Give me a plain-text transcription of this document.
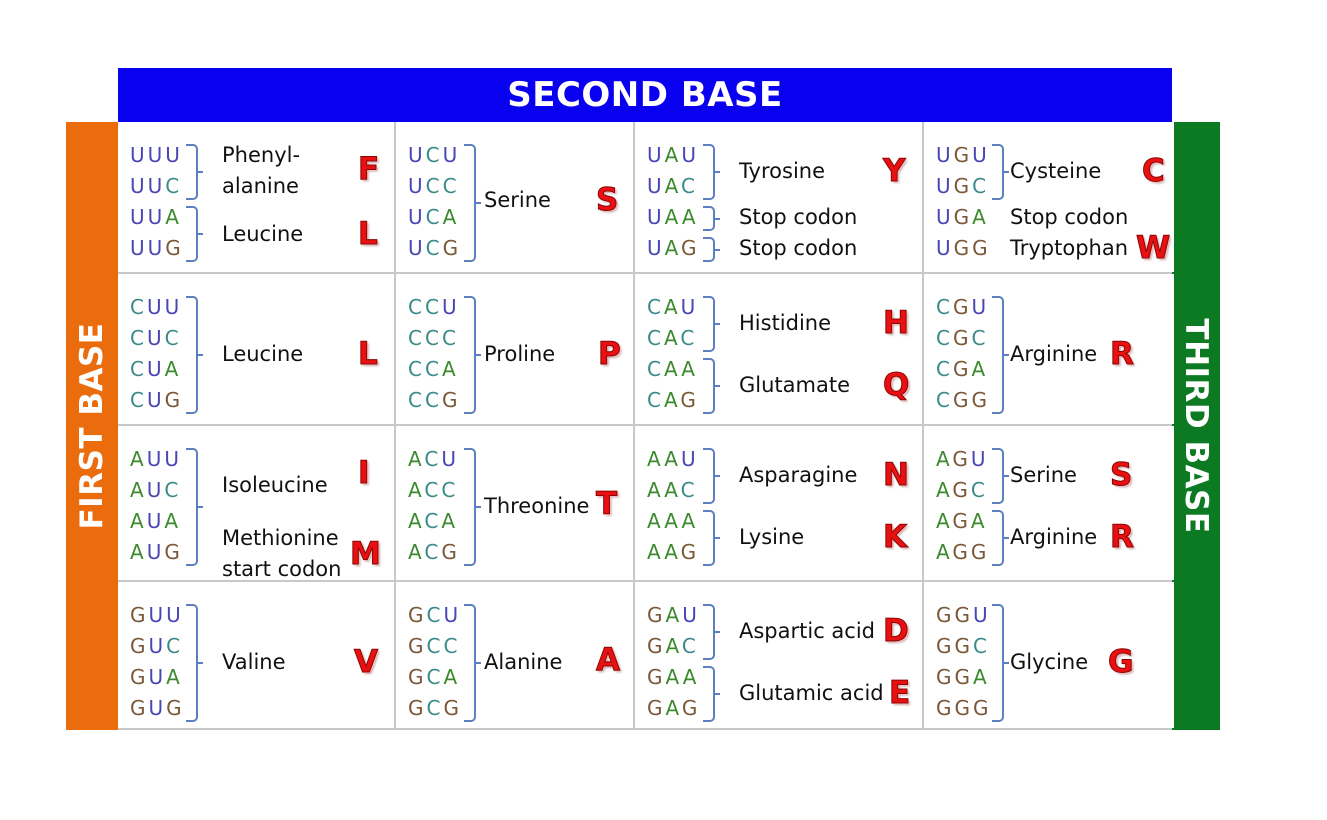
SECOND BASE
FIRST BASE	THIRD BASE
UUU
UUC
UUA
UUG
Phenyl-
alanine F
Leucine L
UCU
UCC
UCA
UCG
Serine S
UAU
UAC
UAA
UAG
Tyrosine Y
Stop codon
Stop codon
UGU
UGC
UGA
UGG
Cysteine C
Stop codon
Tryptophan W
CUU
CUC
CUA
CUG
Leucine L
CCU
CCC
CCA
CCG
Proline P
CAU
CAC
CAA
CAG
Histidine H
Glutamate Q
CGU
CGC
CGA
CGG
Arginine R
AUU
AUC
AUA
AUG
Isoleucine I
Methionine
start codon M
ACU
ACC
ACA
ACG
Threonine T
AAU
AAC
AAA
AAG
Asparagine N
Lysine	K
AGU
AGC
AGA
AGG
Serine S
Arginine R
GUU
GUC
GUA
GUG
Valine V
GCU
GCC
GCA
GCG
Alanine A
GAU
GAC
GAA
GAG
Aspartic acid D
Glutamic acid E
GGU
GGC
GGA
GGG
Glycine G
